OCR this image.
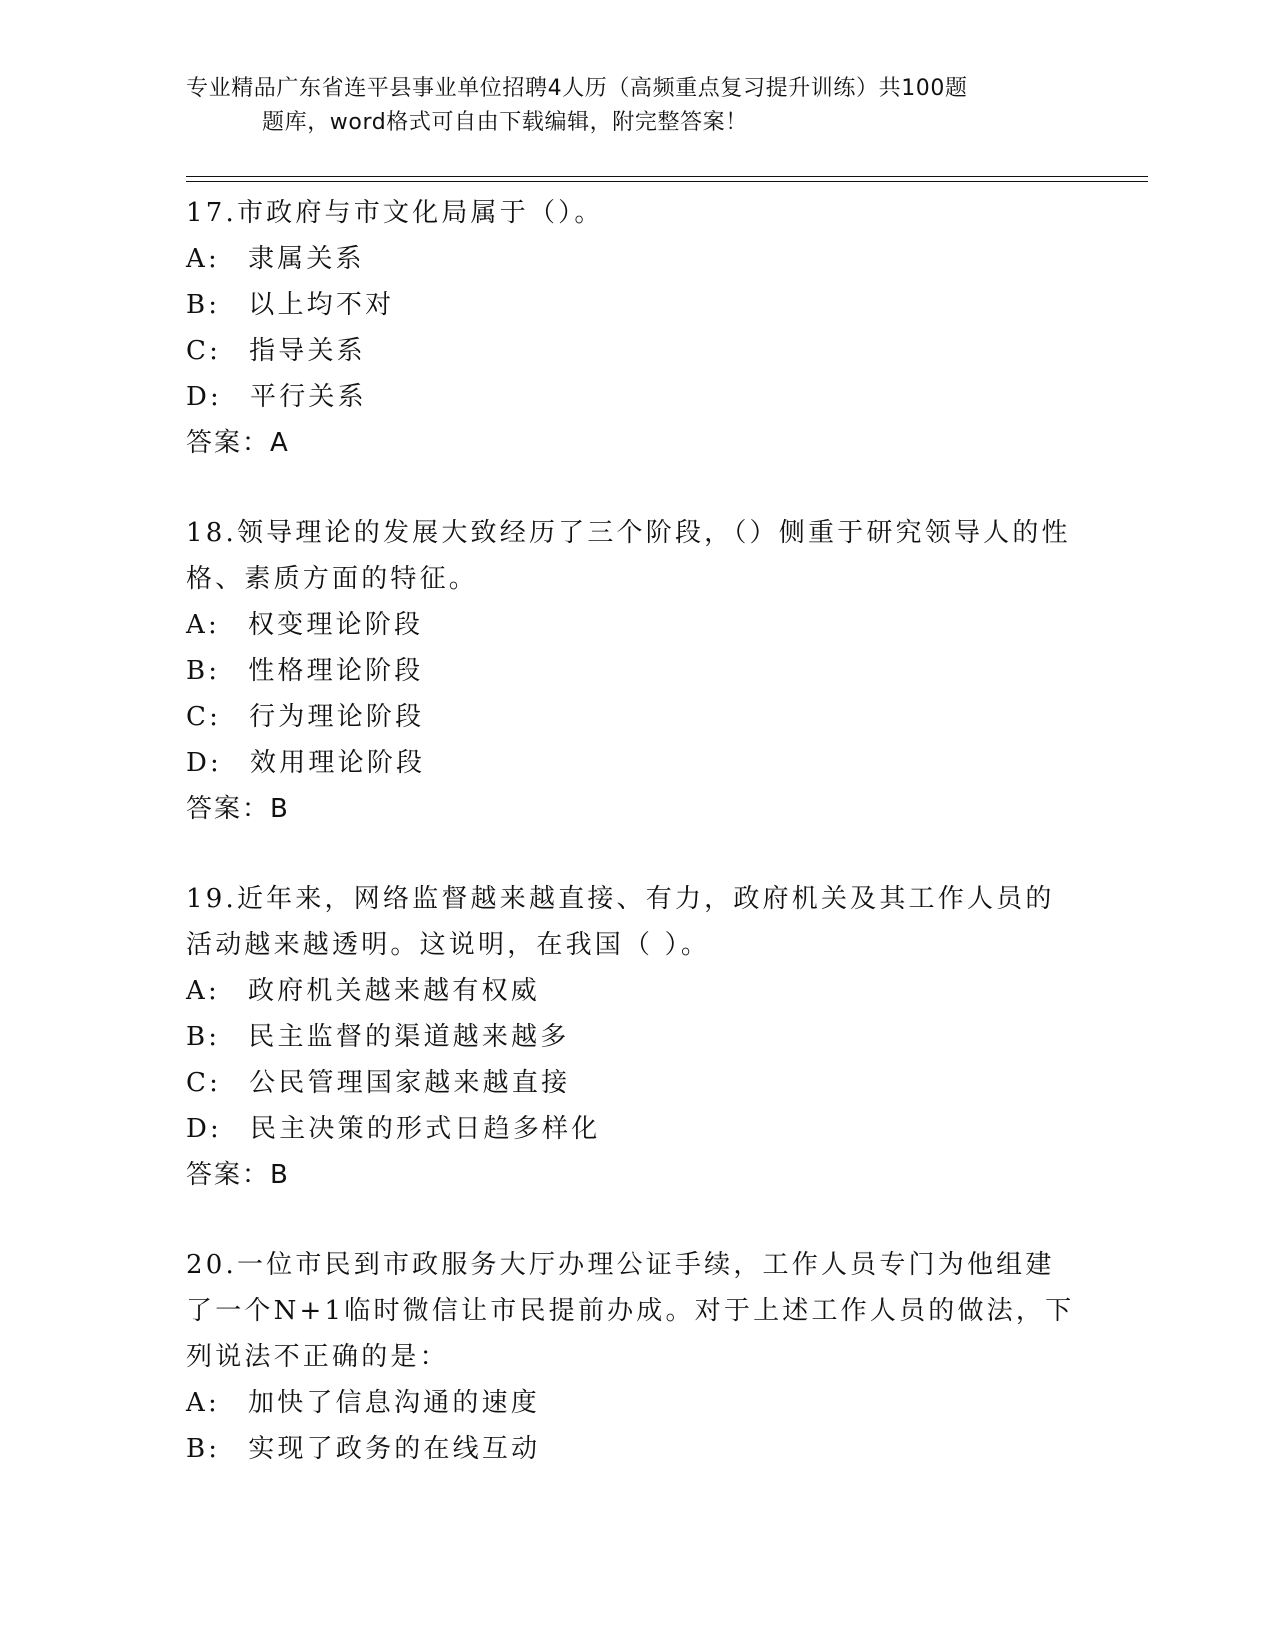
专业精品广东省连平县事业单位招聘4人历（高频重点复习提升训练）共100题
题库，word格式可自由下载编辑，附完整答案！

17.市政府与市文化局属于（）。

A: 隶属关系

B: 以上均不对

C: 指导关系

D: 平行关系

答案：A

18.领导理论的发展大致经历了三个阶段，（）侧重于研究领导人的性格、素质方面的特征。

A: 权变理论阶段

B: 性格理论阶段

C: 行为理论阶段

D: 效用理论阶段

答案：B

19.近年来，网络监督越来越直接、有力，政府机关及其工作人员的活动越来越透明。这说明，在我国（ ）。

A: 政府机关越来越有权威

B: 民主监督的渠道越来越多

C: 公民管理国家越来越直接

D: 民主决策的形式日趋多样化

答案：B

20.一位市民到市政服务大厅办理公证手续，工作人员专门为他组建了一个N+1临时微信让市民提前办成。对于上述工作人员的做法，下列说法不正确的是：

A: 加快了信息沟通的速度

B: 实现了政务的在线互动
